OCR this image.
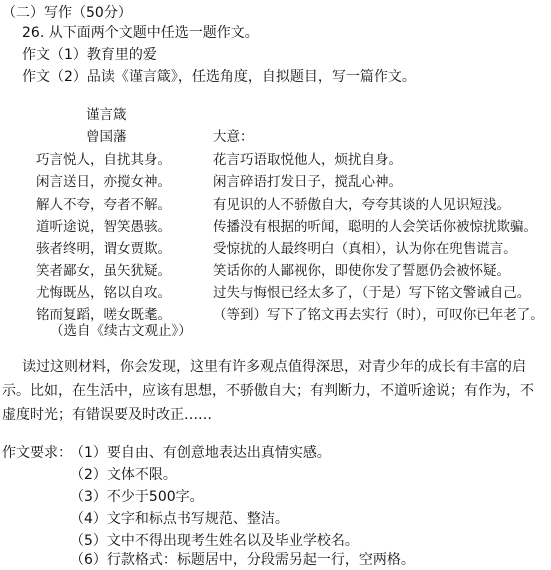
（二）写作（50分）
26. 从下面两个文题中任选一题作文。
作文（1）教育里的爱
作文（2）品读《谨言箴》，任选角度，自拟题目，写一篇作文。
谨言箴
曾国藩	大意：
巧言悦人，自扰其身。	花言巧语取悦他人，烦扰自身。
闲言送日，亦搅女神。	闲言碎语打发日子，搅乱心神。
解人不夸，夸者不解。	有见识的人不骄傲自大，夸夸其谈的人见识短浅。
道听途说，智笑愚骇。	传播没有根据的听闻，聪明的人会笑话你被惊扰欺骗。
骇者终明，谓女贾欺。	受惊扰的人最终明白（真相），认为你在兜售谎言。
笑者鄙女，虽矢犹疑。	笑话你的人鄙视你，即使你发了誓愿仍会被怀疑。
尤悔既丛，铭以自攻。	过失与悔恨已经太多了，（于是）写下铭文警诫自己。
铭而复蹈，嗟女既耄。	（等到）写下了铭文再去实行（时），可叹你已年老了。
（选自《续古文观止》）
读过这则材料，你会发现，这里有许多观点值得深思，对青少年的成长有丰富的启
示。比如，在生活中，应该有思想，不骄傲自大；有判断力，不道听途说；有作为，不
虚度时光；有错误要及时改正……
作文要求：
（1）要自由、有创意地表达出真情实感。
（2）文体不限。
（3）不少于500字。
（4）文字和标点书写规范、整洁。
（5）文中不得出现考生姓名以及毕业学校名。
（6）行款格式：标题居中，分段需另起一行，空两格。
